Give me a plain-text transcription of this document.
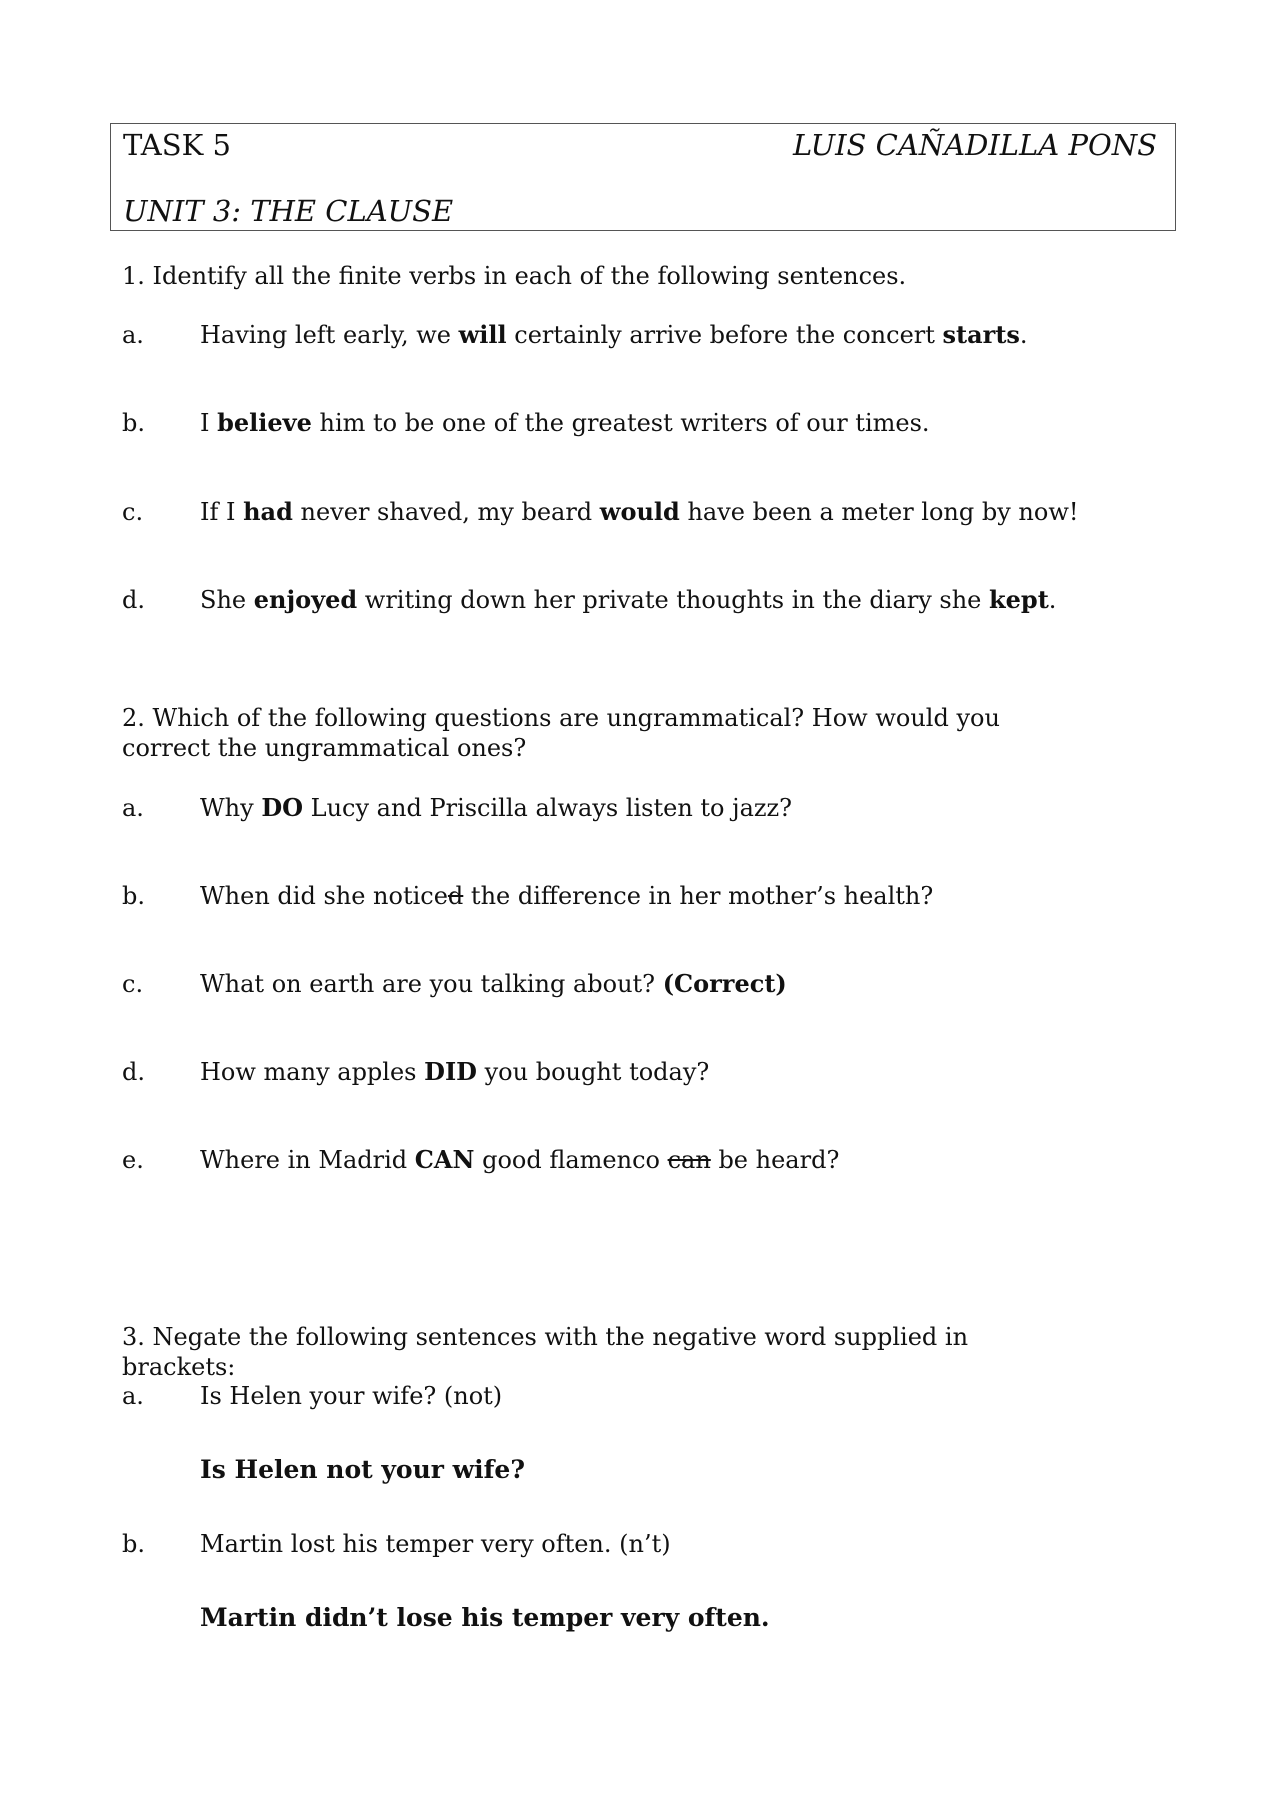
TASK 5	LUIS CAÑADILLA PONS
UNIT 3: THE CLAUSE
1. Identify all the finite verbs in each of the following sentences.
a. Having left early, we will certainly arrive before the concert starts.
b. I believe him to be one of the greatest writers of our times.
c. If I had never shaved, my beard would have been a meter long by now!
d. She enjoyed writing down her private thoughts in the diary she kept.
2. Which of the following questions are ungrammatical? How would you correct the ungrammatical ones?
a. Why DO Lucy and Priscilla always listen to jazz?
b. When did she noticed the difference in her mother’s health?
c. What on earth are you talking about? (Correct)
d. How many apples DID you bought today?
e. Where in Madrid CAN good flamenco can be heard?
3. Negate the following sentences with the negative word supplied in brackets:
a. Is Helen your wife? (not)
Is Helen not your wife?
b. Martin lost his temper very often. (n’t)
Martin didn’t lose his temper very often.
